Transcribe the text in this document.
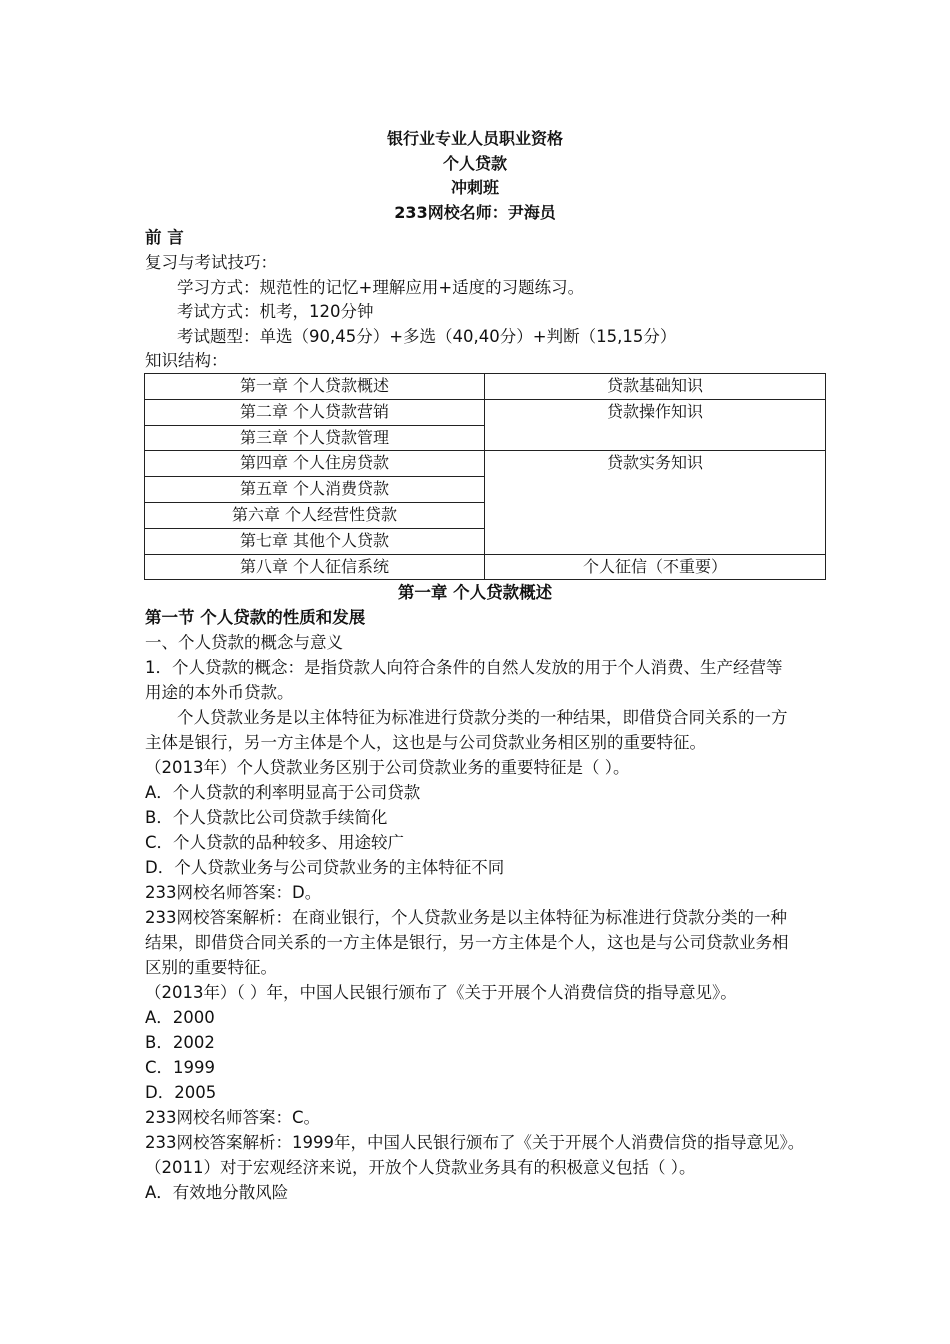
银行业专业人员职业资格
个人贷款
冲刺班
233网校名师：尹海员
前 言
复习与考试技巧：
学习方式：规范性的记忆+理解应用+适度的习题练习。
考试方式：机考，120分钟
考试题型：单选（90,45分）+多选（40,40分）+判断（15,15分）
知识结构：
第一章 个人贷款概述	贷款基础知识
第二章 个人贷款营销	贷款操作知识
第三章 个人贷款管理	
第四章 个人住房贷款	贷款实务知识
第五章 个人消费贷款	
第六章 个人经营性贷款	
第七章 其他个人贷款	
第八章 个人征信系统	个人征信（不重要）
第一章 个人贷款概述
第一节 个人贷款的性质和发展
一、个人贷款的概念与意义
1．个人贷款的概念：是指贷款人向符合条件的自然人发放的用于个人消费、生产经营等
用途的本外币贷款。
个人贷款业务是以主体特征为标准进行贷款分类的一种结果，即借贷合同关系的一方
主体是银行，另一方主体是个人，这也是与公司贷款业务相区别的重要特征。
（2013年）个人贷款业务区别于公司贷款业务的重要特征是（ ）。
A．个人贷款的利率明显高于公司贷款
B．个人贷款比公司贷款手续简化
C．个人贷款的品种较多、用途较广
D．个人贷款业务与公司贷款业务的主体特征不同
233网校名师答案：D。
233网校答案解析：在商业银行，个人贷款业务是以主体特征为标准进行贷款分类的一种
结果，即借贷合同关系的一方主体是银行，另一方主体是个人，这也是与公司贷款业务相
区别的重要特征。
（2013年）（ ）年，中国人民银行颁布了《关于开展个人消费信贷的指导意见》。
A．2000
B．2002
C．1999
D．2005
233网校名师答案：C。
233网校答案解析：1999年，中国人民银行颁布了《关于开展个人消费信贷的指导意见》。
（2011）对于宏观经济来说，开放个人贷款业务具有的积极意义包括（ ）。
A．有效地分散风险
